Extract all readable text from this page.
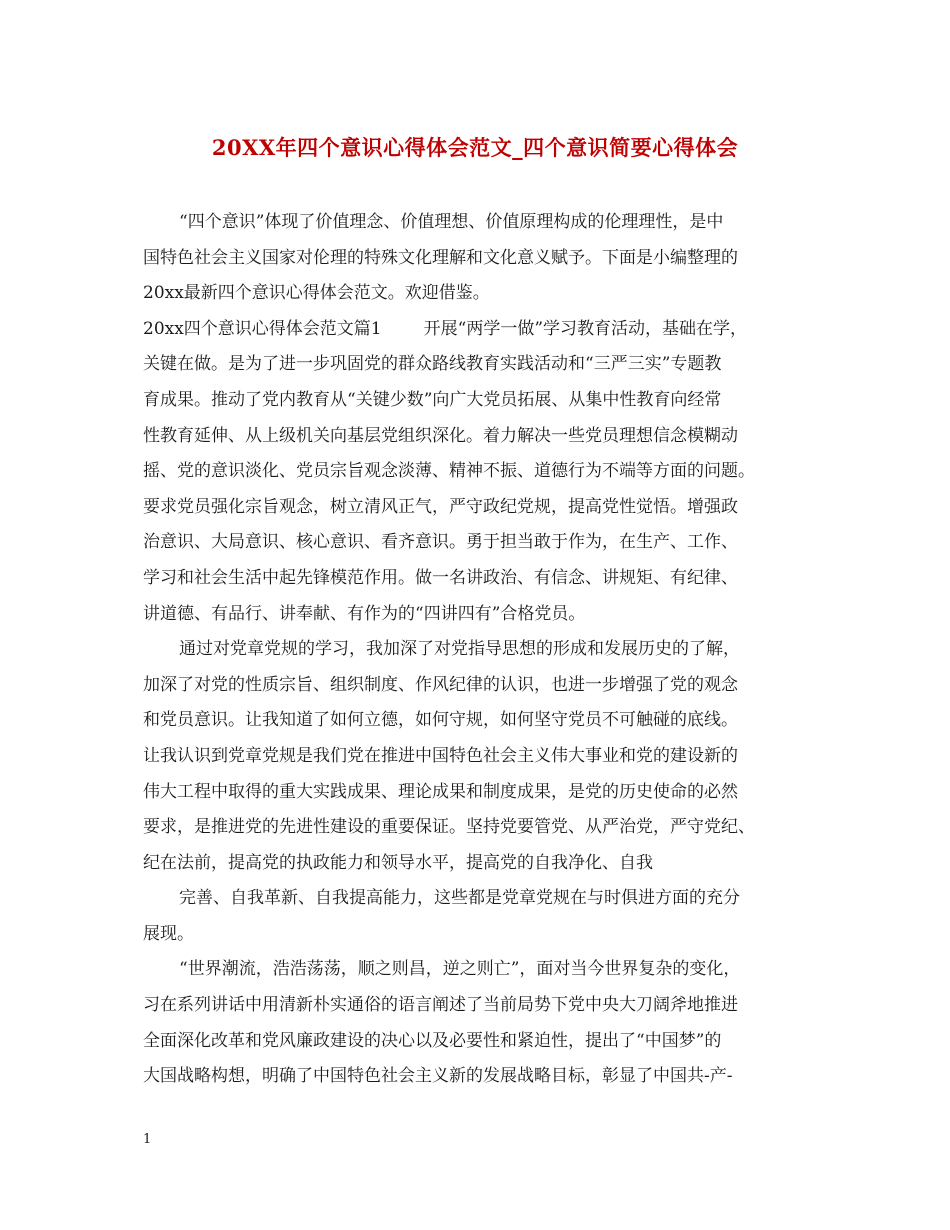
20XX年四个意识心得体会范文_四个意识简要心得体会
“四个意识”体现了价值理念、价值理想、价值原理构成的伦理理性，是中
国特色社会主义国家对伦理的特殊文化理解和文化意义赋予。下面是小编整理的
20xx最新四个意识心得体会范文。欢迎借鉴。
20xx四个意识心得体会范文篇1 开展“两学一做”学习教育活动，基础在学，
关键在做。是为了进一步巩固党的群众路线教育实践活动和“三严三实”专题教
育成果。推动了党内教育从“关键少数”向广大党员拓展、从集中性教育向经常
性教育延伸、从上级机关向基层党组织深化。着力解决一些党员理想信念模糊动
摇、党的意识淡化、党员宗旨观念淡薄、精神不振、道德行为不端等方面的问题。
要求党员强化宗旨观念，树立清风正气，严守政纪党规，提高党性觉悟。增强政
治意识、大局意识、核心意识、看齐意识。勇于担当敢于作为，在生产、工作、
学习和社会生活中起先锋模范作用。做一名讲政治、有信念、讲规矩、有纪律、
讲道德、有品行、讲奉献、有作为的“四讲四有”合格党员。
通过对党章党规的学习，我加深了对党指导思想的形成和发展历史的了解，
加深了对党的性质宗旨、组织制度、作风纪律的认识，也进一步增强了党的观念
和党员意识。让我知道了如何立德，如何守规，如何坚守党员不可触碰的底线。
让我认识到党章党规是我们党在推进中国特色社会主义伟大事业和党的建设新的
伟大工程中取得的重大实践成果、理论成果和制度成果，是党的历史使命的必然
要求，是推进党的先进性建设的重要保证。坚持党要管党、从严治党，严守党纪、
纪在法前，提高党的执政能力和领导水平，提高党的自我净化、自我
完善、自我革新、自我提高能力，这些都是党章党规在与时俱进方面的充分
展现。
“世界潮流，浩浩荡荡，顺之则昌，逆之则亡”，面对当今世界复杂的变化，
习在系列讲话中用清新朴实通俗的语言阐述了当前局势下党中央大刀阔斧地推进
全面深化改革和党风廉政建设的决心以及必要性和紧迫性，提出了“中国梦”的
大国战略构想，明确了中国特色社会主义新的发展战略目标，彰显了中国共-产-
1
